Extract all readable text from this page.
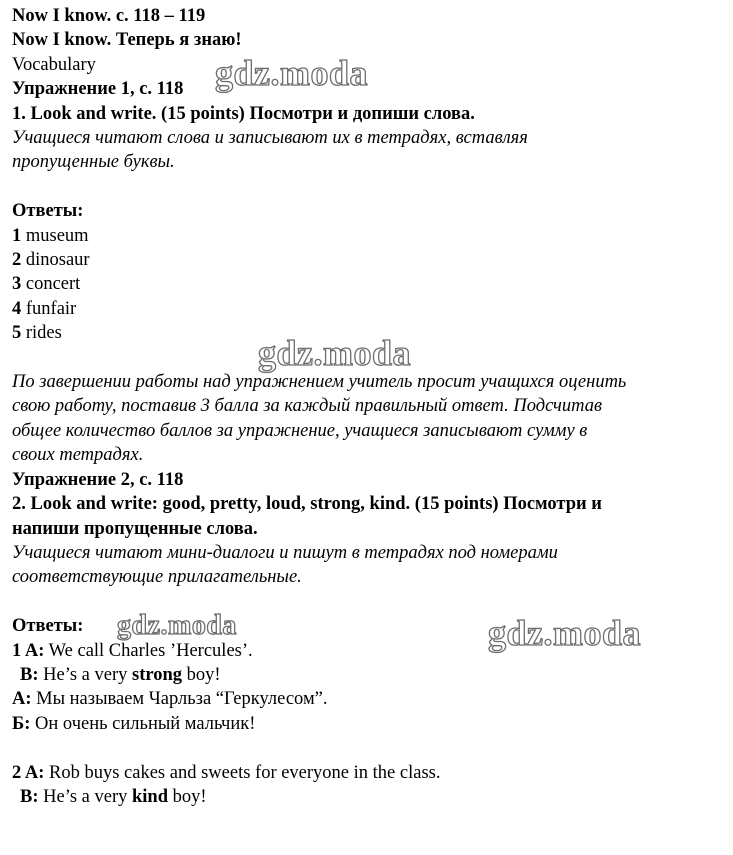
Now I know. с. 118 – 119
Now I know. Теперь я знаю!
Vocabulary
Упражнение 1, с. 118
1. Look and write. (15 points) Посмотри и допиши слова.
Учащиеся читают слова и записывают их в тетрадях, вставляя
пропущенные буквы.
Ответы:
1 museum
2 dinosaur
3 concert
4 funfair
5 rides
По завершении работы над упражнением учитель просит учащихся оценить
свою работу, поставив 3 балла за каждый правильный ответ. Подсчитав
общее количество баллов за упражнение, учащиеся записывают сумму в
своих тетрадях.
Упражнение 2, с. 118
2. Look and write: good, pretty, loud, strong, kind. (15 points) Посмотри и
напиши пропущенные слова.
Учащиеся читают мини-диалоги и пишут в тетрадях под номерами
соответствующие прилагательные.
Ответы:
1 A: We call Charles ’Hercules’.
B: He’s a very strong boy!
А: Мы называем Чарльза “Геркулесом”.
Б: Он очень сильный мальчик!
2 A: Rob buys cakes and sweets for everyone in the class.
B: He’s a very kind boy!
gdz.moda
gdz.moda
gdz.moda	gdz.moda
